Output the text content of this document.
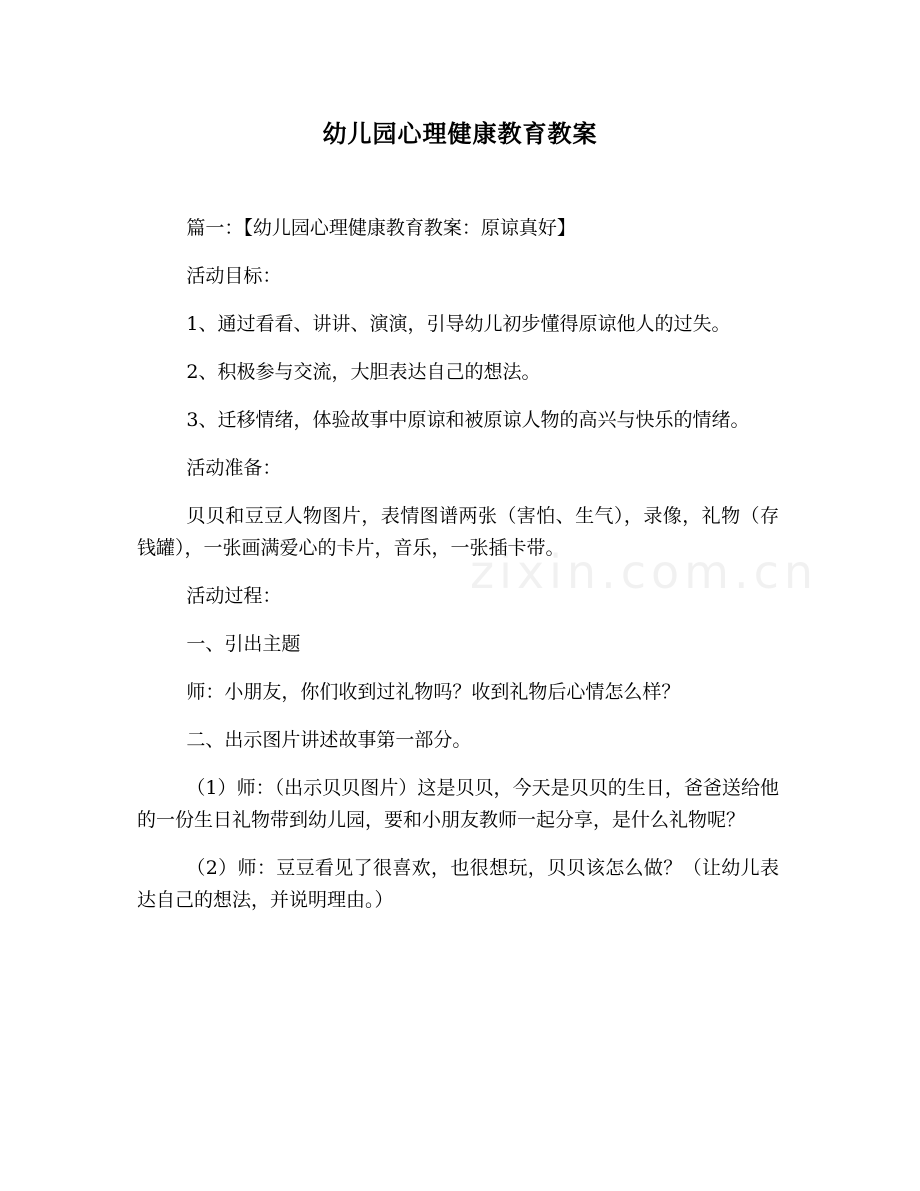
zixin.com.cn
幼儿园心理健康教育教案

篇一：【幼儿园心理健康教育教案：原谅真好】

活动目标：

1、通过看看、讲讲、演演，引导幼儿初步懂得原谅他人的过失。

2、积极参与交流，大胆表达自己的想法。

3、迁移情绪，体验故事中原谅和被原谅人物的高兴与快乐的情绪。

活动准备：

贝贝和豆豆人物图片，表情图谱两张（害怕、生气），录像，礼物（存钱罐），一张画满爱心的卡片，音乐，一张插卡带。

活动过程：

一、引出主题

师：小朋友，你们收到过礼物吗？收到礼物后心情怎么样？

二、出示图片讲述故事第一部分。

（1）师：（出示贝贝图片）这是贝贝，今天是贝贝的生日，爸爸送给他的一份生日礼物带到幼儿园，要和小朋友教师一起分享，是什么礼物呢？

（2）师：豆豆看见了很喜欢，也很想玩，贝贝该怎么做？（让幼儿表达自己的想法，并说明理由。）
